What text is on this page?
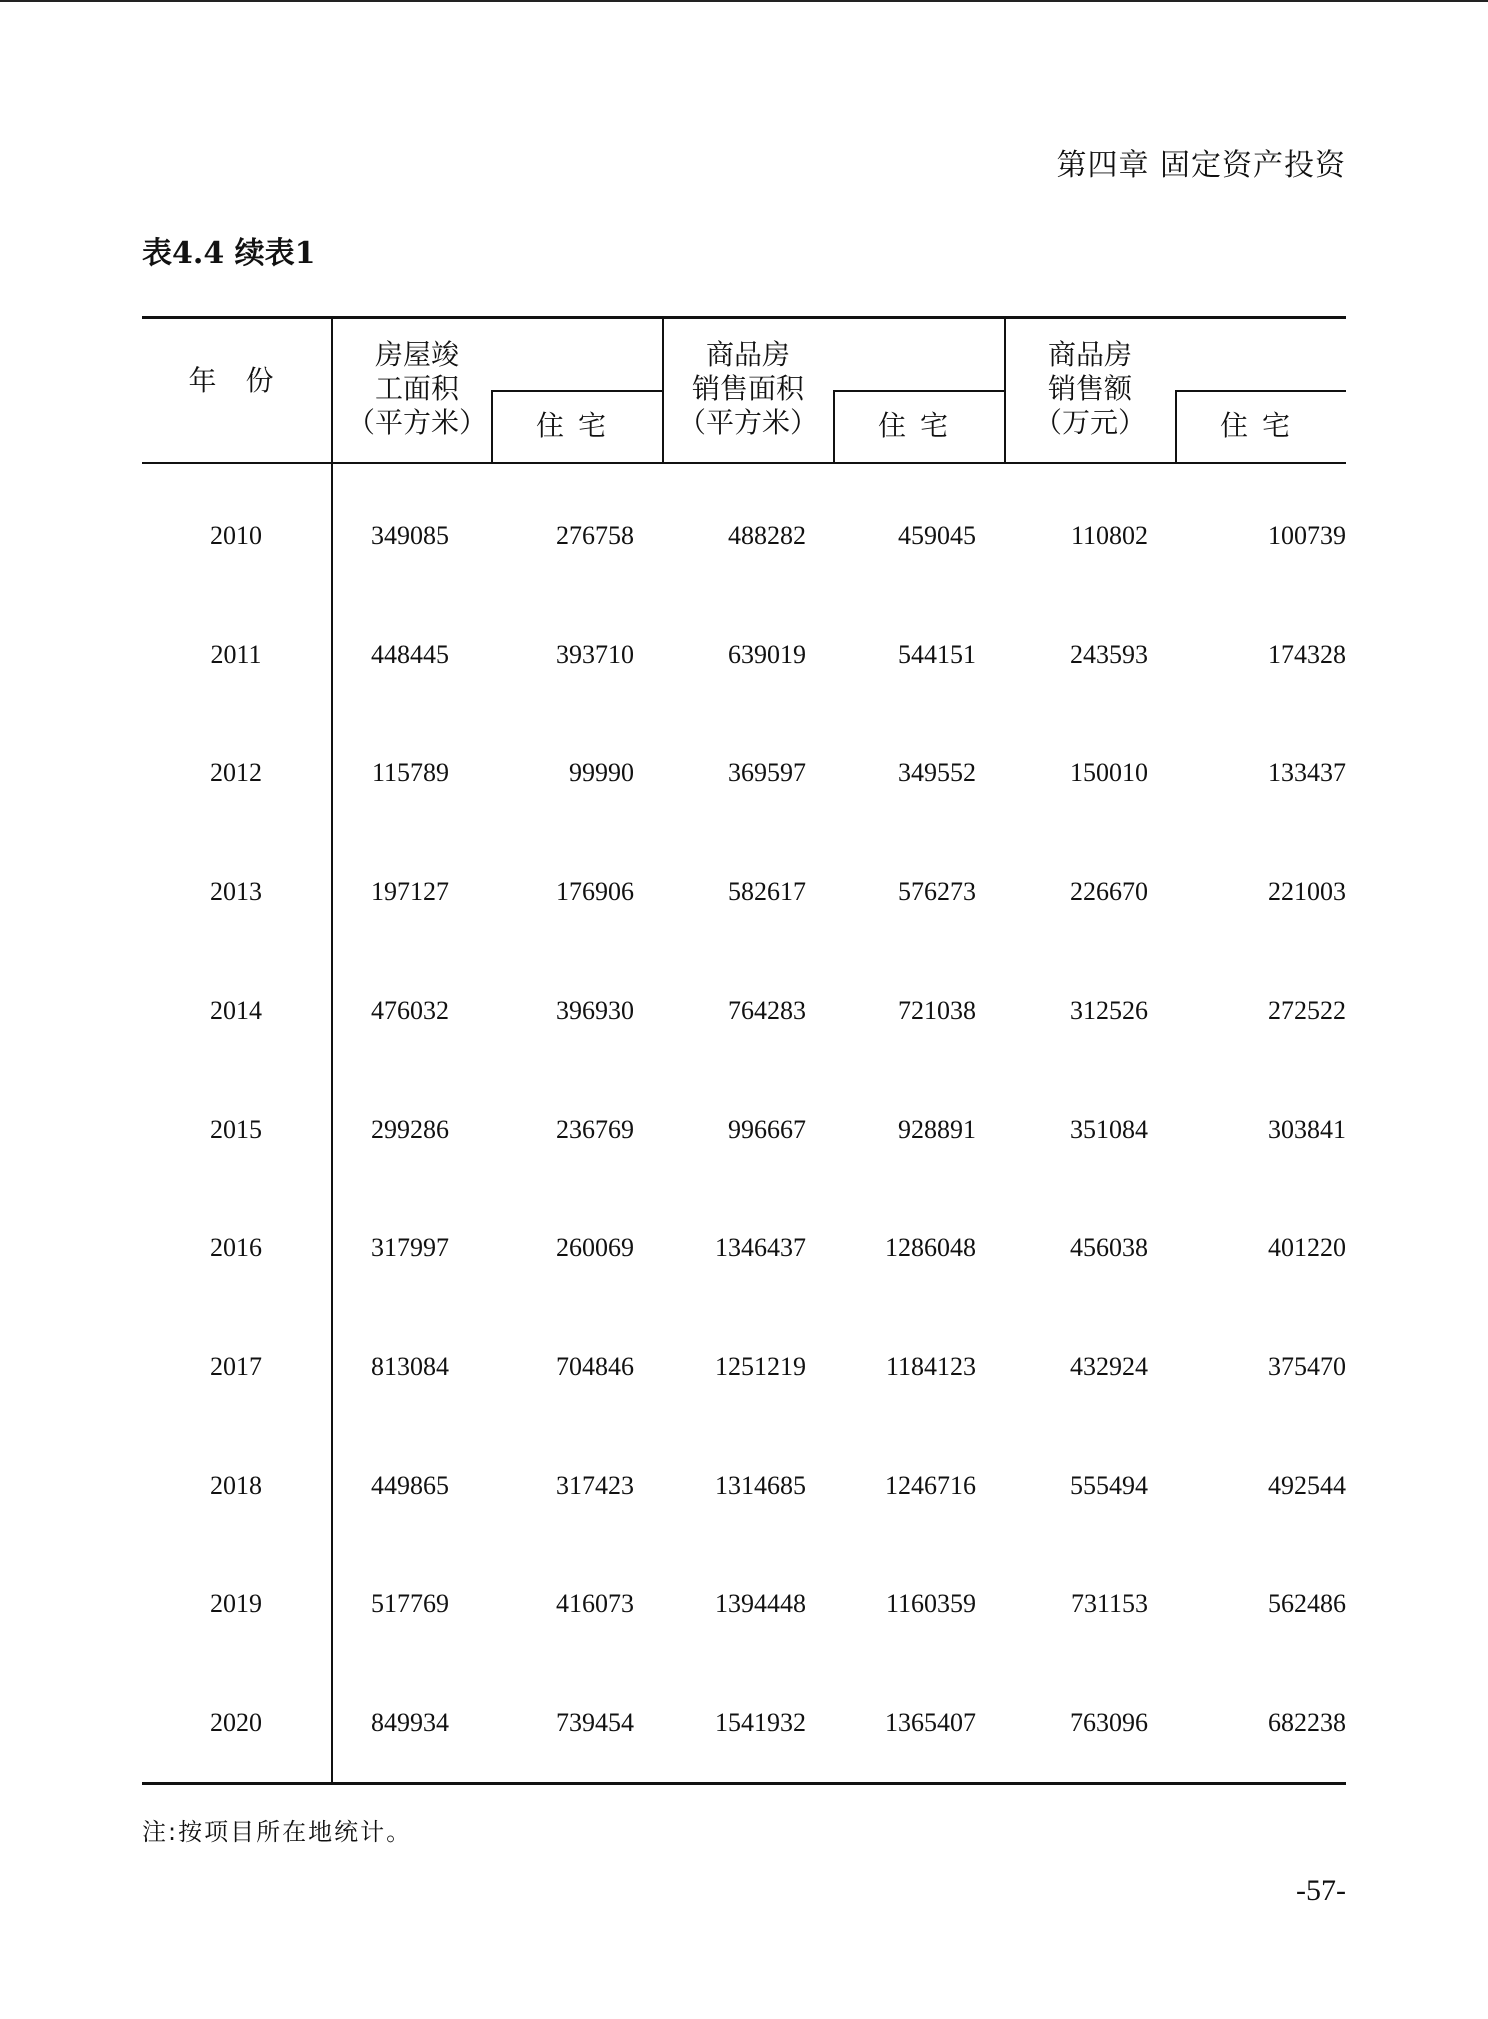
第四章 固定资产投资
表4.4 续表1
年 份
房屋竣
工面积
（平方米）	住宅
商品房
销售面积
（平方米）	住宅
商品房
销售额
（万元）	住宅
2010	349085	276758	488282	459045	110802	100739
2011	448445	393710	639019	544151	243593	174328
2012	115789	99990	369597	349552	150010	133437
2013	197127	176906	582617	576273	226670	221003
2014	476032	396930	764283	721038	312526	272522
2015	299286	236769	996667	928891	351084	303841
2016	317997	260069	1346437	1286048	456038	401220
2017	813084	704846	1251219	1184123	432924	375470
2018	449865	317423	1314685	1246716	555494	492544
2019	517769	416073	1394448	1160359	731153	562486
2020	849934	739454	1541932	1365407	763096	682238
注:按项目所在地统计。
-57-
